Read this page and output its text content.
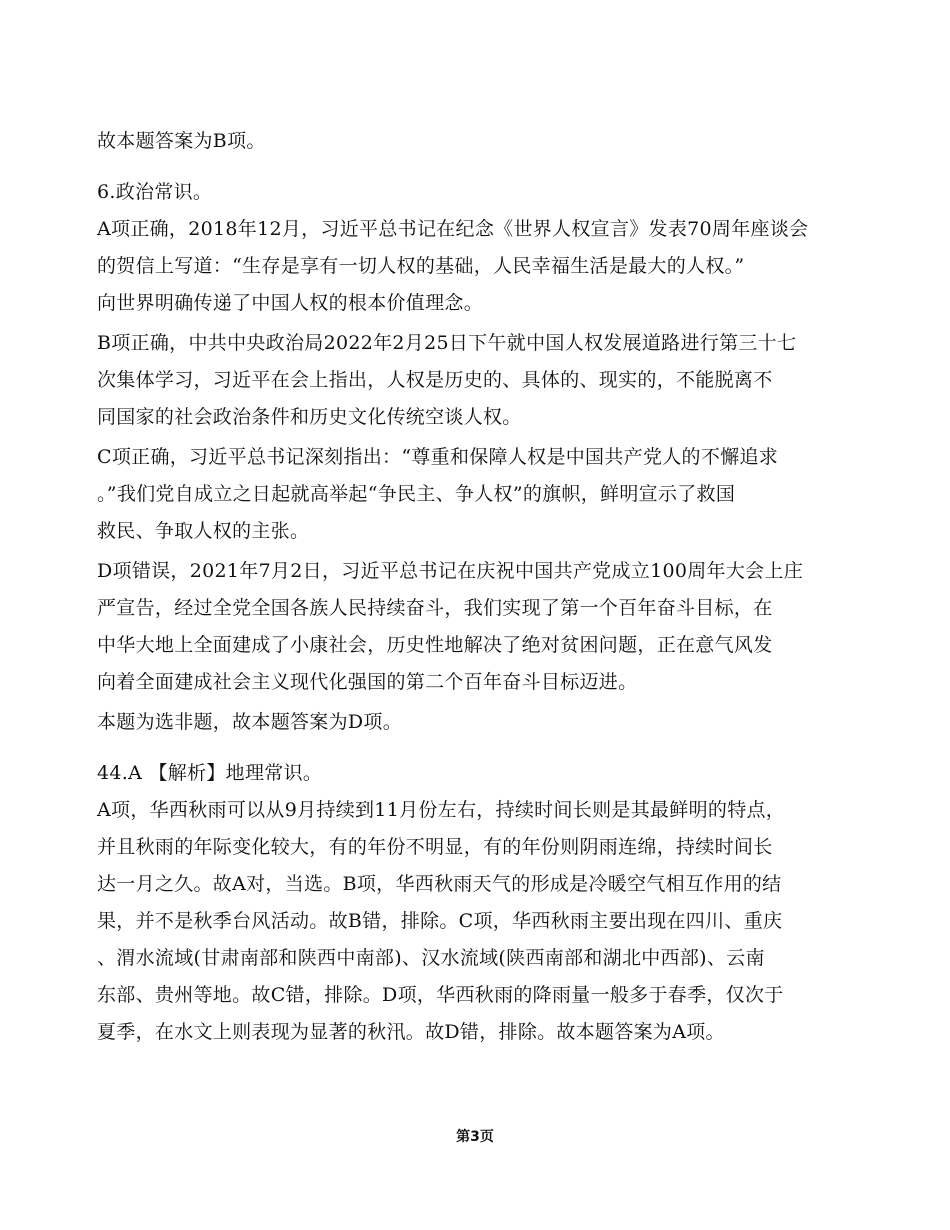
故本题答案为B项。
6.政治常识。
A项正确，2018年12月，习近平总书记在纪念《世界人权宣言》发表70周年座谈会
的贺信上写道：“生存是享有一切人权的基础，人民幸福生活是最大的人权。”
向世界明确传递了中国人权的根本价值理念。
B项正确，中共中央政治局2022年2月25日下午就中国人权发展道路进行第三十七
次集体学习，习近平在会上指出，人权是历史的、具体的、现实的，不能脱离不
同国家的社会政治条件和历史文化传统空谈人权。
C项正确，习近平总书记深刻指出：“尊重和保障人权是中国共产党人的不懈追求
。”我们党自成立之日起就高举起“争民主、争人权”的旗帜，鲜明宣示了救国
救民、争取人权的主张。
D项错误，2021年7月2日，习近平总书记在庆祝中国共产党成立100周年大会上庄
严宣告，经过全党全国各族人民持续奋斗，我们实现了第一个百年奋斗目标，在
中华大地上全面建成了小康社会，历史性地解决了绝对贫困问题，正在意气风发
向着全面建成社会主义现代化强国的第二个百年奋斗目标迈进。
本题为选非题，故本题答案为D项。
44.A 【解析】地理常识。
A项，华西秋雨可以从9月持续到11月份左右，持续时间长则是其最鲜明的特点，
并且秋雨的年际变化较大，有的年份不明显，有的年份则阴雨连绵，持续时间长
达一月之久。故A对，当选。B项，华西秋雨天气的形成是冷暖空气相互作用的结
果，并不是秋季台风活动。故B错，排除。C项，华西秋雨主要出现在四川、重庆
、渭水流域(甘肃南部和陕西中南部)、汉水流域(陕西南部和湖北中西部)、云南
东部、贵州等地。故C错，排除。D项，华西秋雨的降雨量一般多于春季，仅次于
夏季，在水文上则表现为显著的秋汛。故D错，排除。故本题答案为A项。
第3页
